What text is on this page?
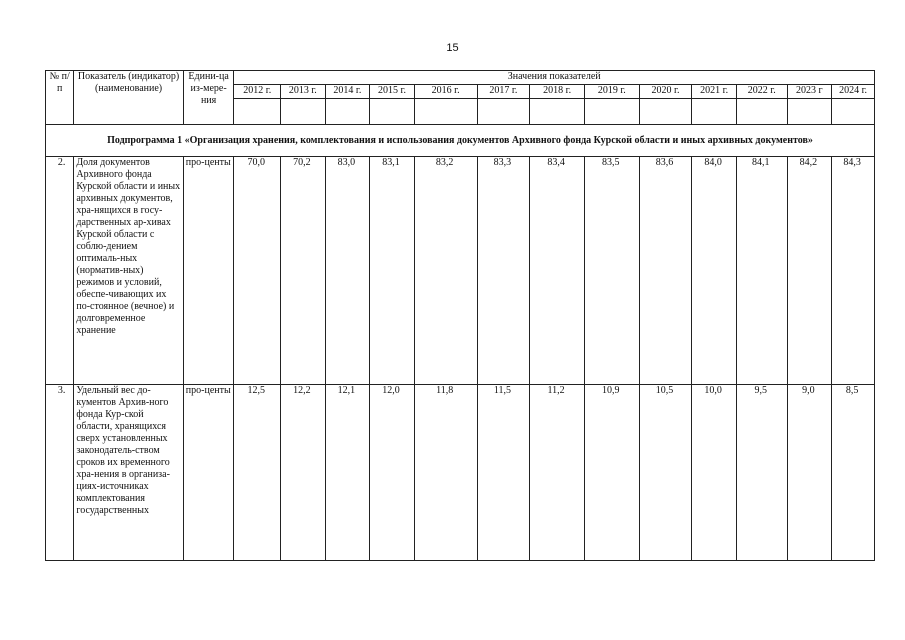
15
№ п/п	Показатель (индикатор) (наименование)	Едини-ца из-мере-ния	Значения показателей												
			2012 г.	2013 г.	2014 г.	2015 г.	2016 г.	2017 г.	2018 г.	2019 г.	2020 г.	2021 г.	2022 г.	2023 г	2024 г.

Подпрограмма 1 «Организация хранения, комплектования и использования документов Архивного фонда Курской области и иных архивных документов»															
2.	Доля документов Архивного фонда Курской области и иных архивных документов, хра-нящихся в госу-дарственных ар-хивах Курской области с соблю-дением оптималь-ных (норматив-ных) режимов и условий, обеспе-чивающих их по-стоянное (вечное) и долговременное хранение	про-центы	70,0	70,2	83,0	83,1	83,2	83,3	83,4	83,5	83,6	84,0	84,1	84,2	84,3
3.	Удельный вес до-кументов Архив-ного фонда Кур-ской области, хранящихся сверх установленных законодатель-ством сроков их временного хра-нения в организа-циях-источниках комплектования государственных	про-центы	12,5	12,2	12,1	12,0	11,8	11,5	11,2	10,9	10,5	10,0	9,5	9,0	8,5
